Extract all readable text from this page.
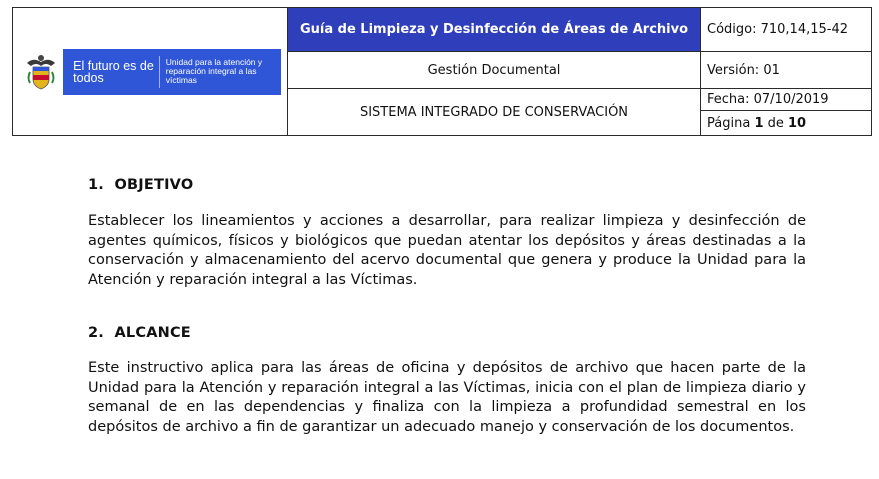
El futuro es de todos
Unidad para la atención y reparación integral a las víctimas	Guía de Limpieza y Desinfección de Áreas de Archivo	Código: 710,14,15-42
	Gestión Documental	Versión: 01
	SISTEMA INTEGRADO DE CONSERVACIÓN	Fecha: 07/10/2019
		Página 1 de 10
1.  OBJETIVO
Establecer los lineamientos y acciones a desarrollar, para realizar limpieza y desinfección de agentes químicos, físicos y biológicos que puedan atentar los depósitos y áreas destinadas a la conservación y almacenamiento del acervo documental que genera y produce la Unidad para la Atención y reparación integral a las Víctimas.
2.  ALCANCE
Este instructivo aplica para las áreas de oficina y depósitos de archivo que hacen parte de la Unidad para la Atención y reparación integral a las Víctimas, inicia con el plan de limpieza diario y semanal de en las dependencias y finaliza con la limpieza a profundidad semestral en los depósitos de archivo a fin de garantizar un adecuado manejo y conservación de los documentos.
